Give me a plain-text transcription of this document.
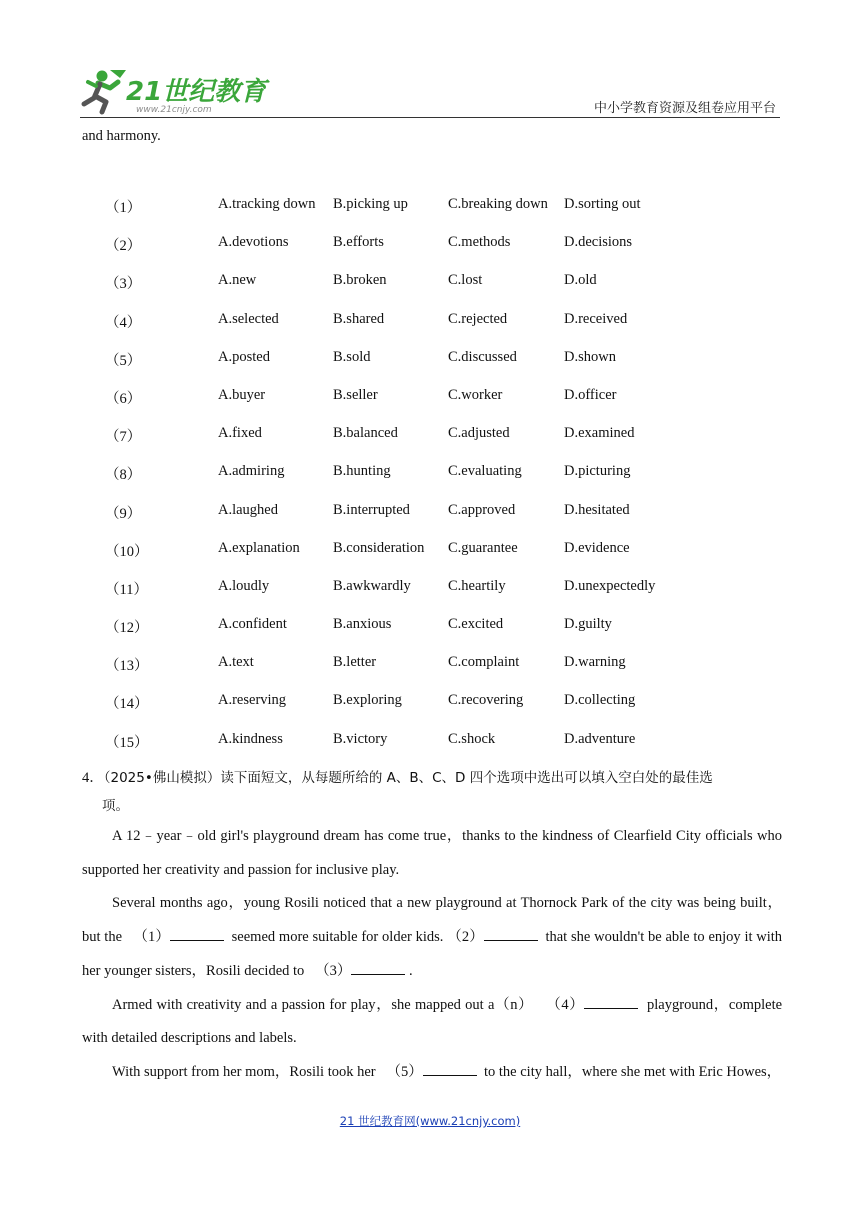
21世纪教育
www.21cnjy.com	中小学教育资源及组卷应用平台
and harmony.
（1）	A.tracking down B.picking up	C.breaking down D.sorting out
（2）	A.devotions	B.efforts	C.methods	D.decisions
（3）	A.new	B.broken	C.lost	D.old
（4）	A.selected	B.shared	C.rejected	D.received
（5）	A.posted	B.sold	C.discussed	D.shown
（6）	A.buyer	B.seller	C.worker	D.officer
（7）	A.fixed	B.balanced	C.adjusted	D.examined
（8）	A.admiring	B.hunting	C.evaluating	D.picturing
（9）	A.laughed	B.interrupted	C.approved	D.hesitated
（10）	A.explanation B.consideration C.guarantee	D.evidence
（11）	A.loudly	B.awkwardly	C.heartily	D.unexpectedly
（12）	A.confident	B.anxious	C.excited	D.guilty
（13）	A.text	B.letter	C.complaint	D.warning
（14）	A.reserving	B.exploring	C.recovering	D.collecting
（15）	A.kindness	B.victory	C.shock	D.adventure
4．（2025•佛山模拟）读下面短文，从每题所给的 A、B、C、D 四个选项中选出可以填入空白处的最佳选
项。

A 12﹣year﹣old girl's playground dream has come true，thanks to the kindness of Clearfield City officials who supported her creativity and passion for inclusive play.

Several months ago，young Rosili noticed that a new playground at Thornock Park of the city was being built，but the （1）	seemed more suitable for older kids. （2）	that she wouldn't be able to enjoy it with her younger sisters，Rosili decided to （3）	.

Armed with creativity and a passion for play，she mapped out a（n） （4）	playground，complete with detailed descriptions and labels.

With support from her mom，Rosili took her （5）	to the city hall，where she met with Eric Howes，

21 世纪教育网(www.21cnjy.com)
